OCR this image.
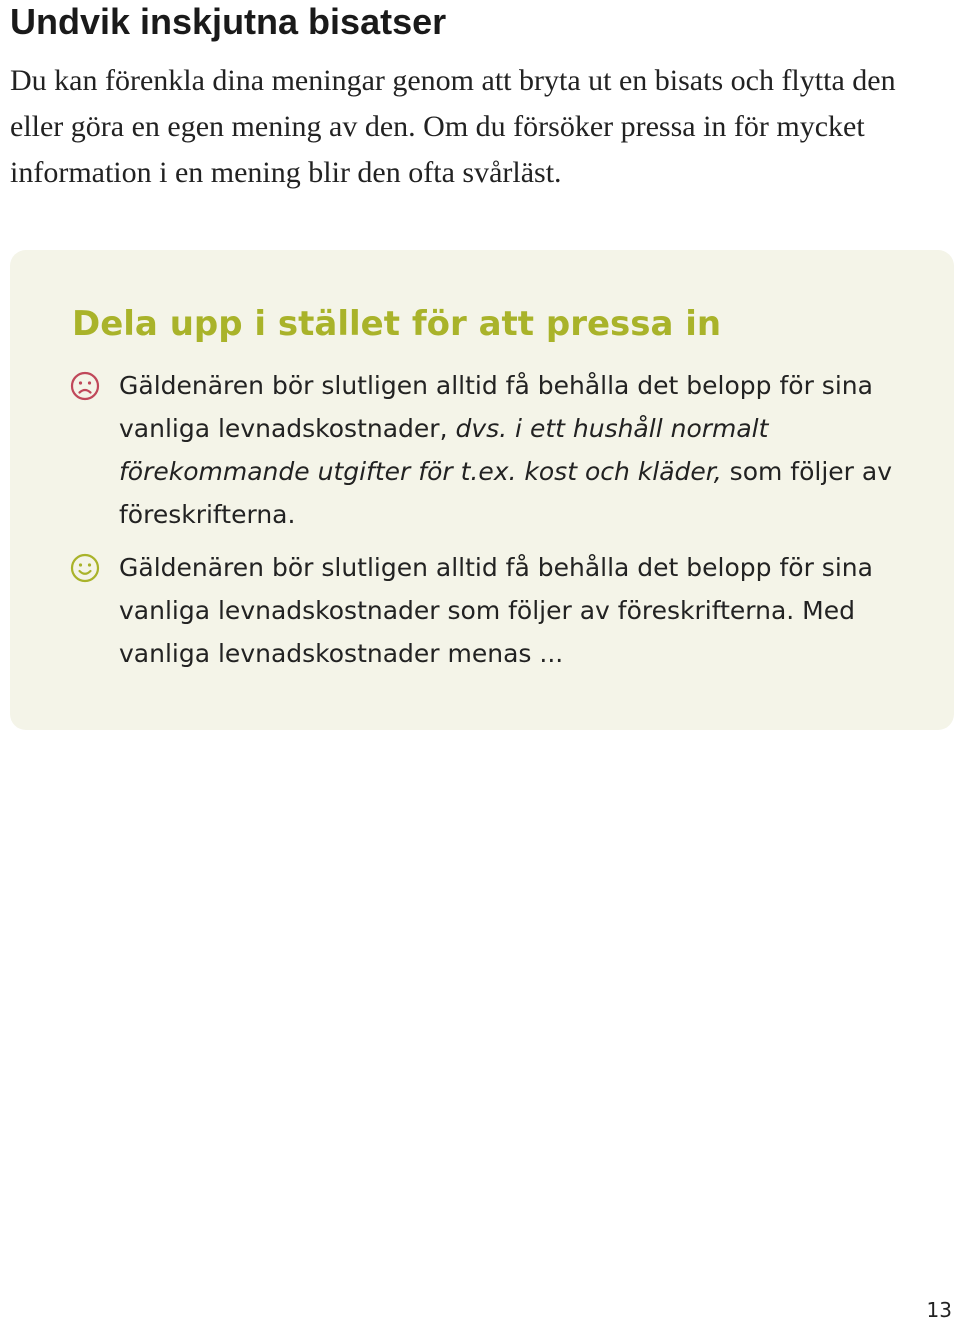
Undvik inskjutna bisatser

Du kan förenkla dina meningar genom att bryta ut en bisats och flytta den eller göra en egen mening av den. Om du försöker pressa in för mycket information i en mening blir den ofta svårläst.

Dela upp i stället för att pressa in

Gäldenären bör slutligen alltid få behålla det belopp för sina vanliga levnadskostnader, dvs. i ett hushåll normalt förekommande utgifter för t.ex. kost och kläder, som följer av föreskrifterna.

Gäldenären bör slutligen alltid få behålla det belopp för sina vanliga levnadskostnader som följer av föreskrifterna. Med vanliga levnadskostnader menas ...

13
